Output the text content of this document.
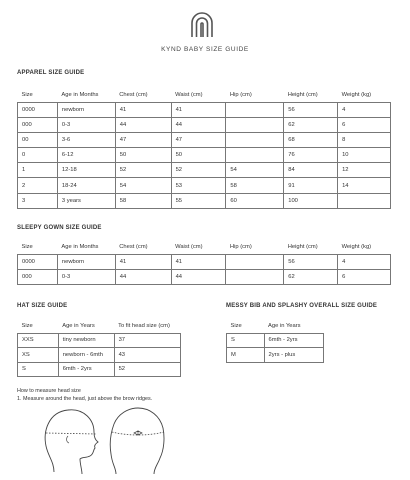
KYND BABY SIZE GUIDE
APPAREL SIZE GUIDE
Size	Age in Months	Chest (cm)	Waist (cm)	Hip (cm)	Height (cm)	Weight (kg)
0000	newborn	41	41		56	4
000	0-3	44	44		62	6
00	3-6	47	47		68	8
0	6-12	50	50		76	10
1	12-18	52	52	54	84	12
2	18-24	54	53	58	91	14
3	3 years	58	55	60	100	
SLEEPY GOWN SIZE GUIDE
Size	Age in Months	Chest (cm)	Waist (cm)	Hip (cm)	Height (cm)	Weight (kg)
0000	newborn	41	41		56	4
000	0-3	44	44		62	6
HAT SIZE GUIDE
Size	Age in Years	To fit head size (cm)
XXS	tiny newborn	37
XS	newborn - 6mth	43
S	6mth - 2yrs	52
MESSY BIB AND SPLASHY OVERALL SIZE GUIDE
Size	Age in Years
S	6mth - 2yrs
M	2yrs - plus
How to measure head size
1. Measure around the head, just above the brow ridges.
